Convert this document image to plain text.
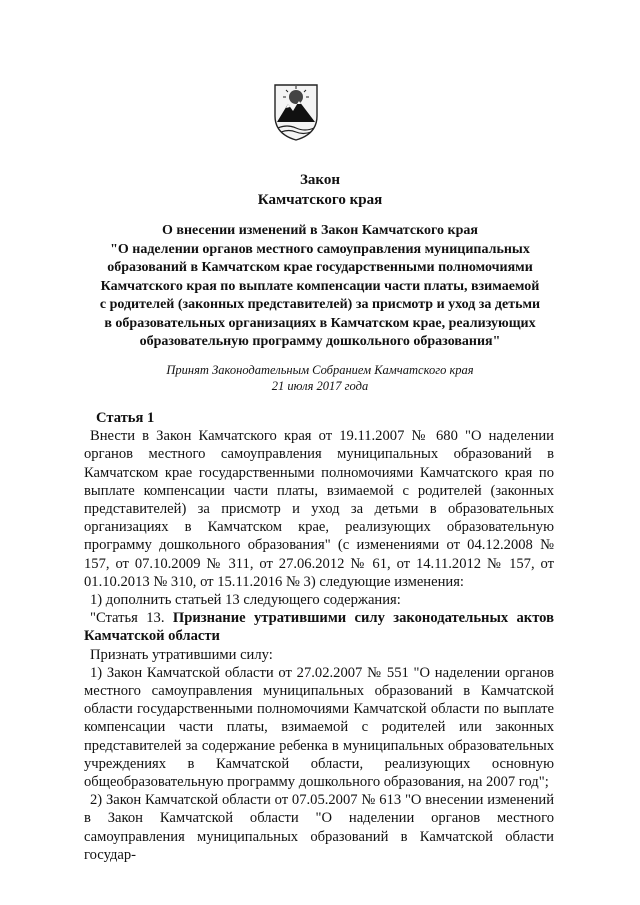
Закон
Камчатского края
О внесении изменений в Закон Камчатского края
"О наделении органов местного самоуправления муниципальных
образований в Камчатском крае государственными полномочиями
Камчатского края по выплате компенсации части платы, взимаемой
с родителей (законных представителей) за присмотр и уход за детьми
в образовательных организациях в Камчатском крае, реализующих
образовательную программу дошкольного образования"
Принят Законодательным Собранием Камчатского края
21 июля 2017 года

Статья 1

Внести в Закон Камчатского края от 19.11.2007 № 680 "О наделении органов местного самоуправления муниципальных образований в Камчатском крае государственными полномочиями Камчатского края по выплате компенсации части платы, взимаемой с родителей (законных представителей) за присмотр и уход за детьми в образовательных организациях в Камчатском крае, реализующих образовательную программу дошкольного образования" (с изменениями от 04.12.2008 № 157, от 07.10.2009 № 311, от 27.06.2012 № 61, от 14.11.2012 № 157, от 01.10.2013 № 310, от 15.11.2016 № 3) следующие изменения:

1) дополнить статьей 13 следующего содержания:

"Статья 13. Признание утратившими силу законодательных актов Камчатской области

Признать утратившими силу:

1) Закон Камчатской области от 27.02.2007 № 551 "О наделении органов местного самоуправления муниципальных образований в Камчатской области государственными полномочиями Камчатской области по выплате компенсации части платы, взимаемой с родителей или законных представителей за содержание ребенка в муниципальных образовательных учреждениях в Камчатской области, реализующих основную общеобразовательную программу дошкольного образования, на 2007 год";

2) Закон Камчатской области от 07.05.2007 № 613 "О внесении изменений в Закон Камчатской области "О наделении органов местного самоуправления муниципальных образований в Камчатской области государ-
